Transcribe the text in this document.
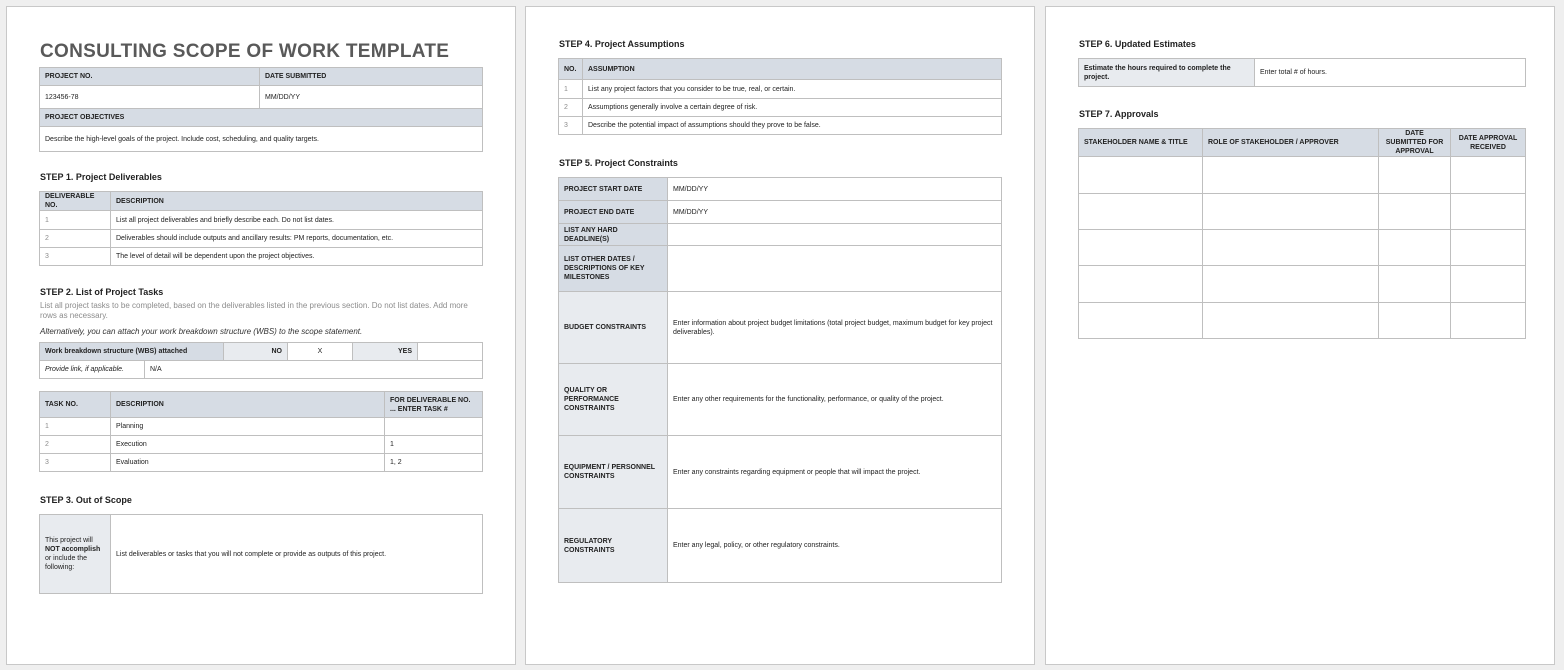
CONSULTING SCOPE OF WORK TEMPLATE
PROJECT NO.	DATE SUBMITTED
123456-78	MM/DD/YY
PROJECT OBJECTIVES	
Describe the high-level goals of the project. Include cost, scheduling, and quality targets.	
STEP 1. Project Deliverables
DELIVERABLE NO.	DESCRIPTION
1	List all project deliverables and briefly describe each. Do not list dates.
2	Deliverables should include outputs and ancillary results: PM reports, documentation, etc.
3	The level of detail will be dependent upon the project objectives.
STEP 2. List of Project Tasks
List all project tasks to be completed, based on the deliverables listed in the previous section. Do not list dates. Add more rows as necessary.
Alternatively, you can attach your work breakdown structure (WBS) to the scope statement.
Work breakdown structure (WBS) attached		NO	X	YES	
Provide link, if applicable.	N/A				
TASK NO.	DESCRIPTION	FOR DELIVERABLE NO. ... ENTER TASK #
1	Planning	
2	Execution	1
3	Evaluation	1, 2
STEP 3. Out of Scope
This project will
NOT accomplish
or include the following:	List deliverables or tasks that you will not complete or provide as outputs of this project.
STEP 4. Project Assumptions
NO.	ASSUMPTION
1	List any project factors that you consider to be true, real, or certain.
2	Assumptions generally involve a certain degree of risk.
3	Describe the potential impact of assumptions should they prove to be false.
STEP 5. Project Constraints
PROJECT START DATE	MM/DD/YY
PROJECT END DATE	MM/DD/YY
LIST ANY HARD DEADLINE(S)	
LIST OTHER DATES / DESCRIPTIONS OF KEY MILESTONES	
BUDGET CONSTRAINTS	Enter information about project budget limitations (total project budget, maximum budget for key project deliverables).
QUALITY OR PERFORMANCE CONSTRAINTS	Enter any other requirements for the functionality, performance, or quality of the project.
EQUIPMENT / PERSONNEL CONSTRAINTS	Enter any constraints regarding equipment or people that will impact the project.
REGULATORY CONSTRAINTS	Enter any legal, policy, or other regulatory constraints.
STEP 6. Updated Estimates
Estimate the hours required to complete the project.	Enter total # of hours.
STEP 7. Approvals
STAKEHOLDER NAME & TITLE	ROLE OF STAKEHOLDER / APPROVER	DATE SUBMITTED FOR APPROVAL	DATE APPROVAL RECEIVED
